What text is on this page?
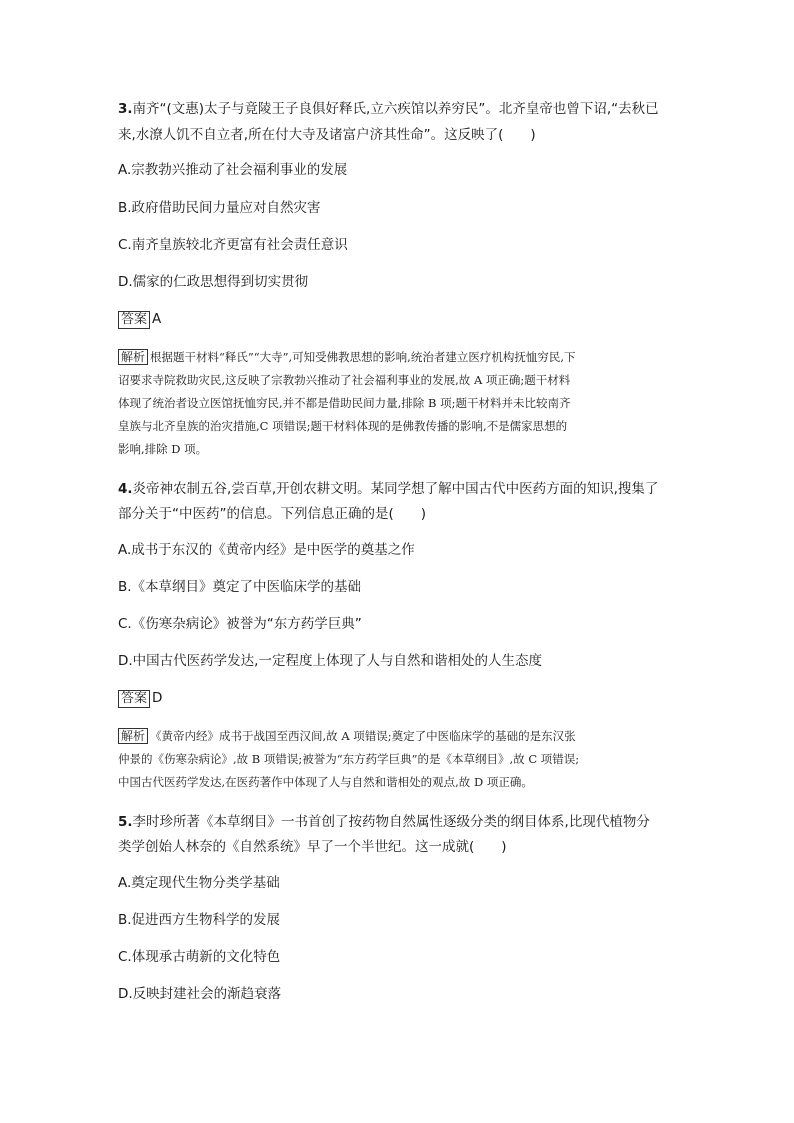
3.南齐“(文惠)太子与竟陵王子良俱好释氏,立六疾馆以养穷民”。北齐皇帝也曾下诏,“去秋已
来,水潦人饥不自立者,所在付大寺及诸富户济其性命”。这反映了(　　)
A.宗教勃兴推动了社会福利事业的发展
B.政府借助民间力量应对自然灾害
C.南齐皇族较北齐更富有社会责任意识
D.儒家的仁政思想得到切实贯彻
答案 A
解析 根据题干材料“释氏”“大寺”,可知受佛教思想的影响,统治者建立医疗机构抚恤穷民,下
诏要求寺院救助灾民,这反映了宗教勃兴推动了社会福利事业的发展,故 A 项正确;题干材料
体现了统治者设立医馆抚恤穷民,并不都是借助民间力量,排除 B 项;题干材料并未比较南齐
皇族与北齐皇族的治灾措施,C 项错误;题干材料体现的是佛教传播的影响,不是儒家思想的
影响,排除 D 项。
4.炎帝神农制五谷,尝百草,开创农耕文明。某同学想了解中国古代中医药方面的知识,搜集了
部分关于“中医药”的信息。下列信息正确的是(　　)
A.成书于东汉的《黄帝内经》是中医学的奠基之作
B.《本草纲目》奠定了中医临床学的基础
C.《伤寒杂病论》被誉为“东方药学巨典”
D.中国古代医药学发达,一定程度上体现了人与自然和谐相处的人生态度
答案 D
解析 《黄帝内经》成书于战国至西汉间,故 A 项错误;奠定了中医临床学的基础的是东汉张
仲景的《伤寒杂病论》,故 B 项错误;被誉为“东方药学巨典”的是《本草纲目》,故 C 项错误;
中国古代医药学发达,在医药著作中体现了人与自然和谐相处的观点,故 D 项正确。
5.李时珍所著《本草纲目》一书首创了按药物自然属性逐级分类的纲目体系,比现代植物分
类学创始人林奈的《自然系统》早了一个半世纪。这一成就(　　)
A.奠定现代生物分类学基础
B.促进西方生物科学的发展
C.体现承古萌新的文化特色
D.反映封建社会的渐趋衰落
